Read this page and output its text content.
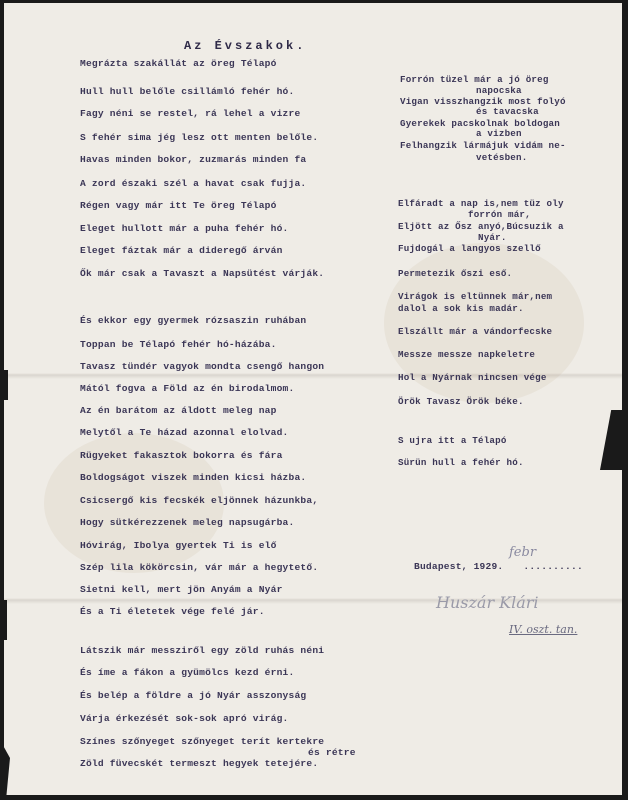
Az Évszakok.
Megrázta szakállát az öreg Télapó
Hull hull belőle csillámló fehér hó.
Fagy néni se restel, rá lehel a vizre
S fehér sima jég lesz ott menten belőle.
Havas minden bokor, zuzmarás minden fa
A zord északi szél a havat csak fujja.
Régen vagy már itt Te öreg Télapó
Eleget hullott már a puha fehér hó.
Eleget fáztak már a dideregő árván
Ők már csak a Tavaszt a Napsütést várják.
És ekkor egy gyermek rózsaszin ruhában
Toppan be Télapó fehér hó-házába.
Tavasz tündér vagyok mondta csengő hangon
Mától fogva a Föld az én birodalmom.
Az én barátom az áldott meleg nap
Melytől a Te házad azonnal elolvad.
Rügyeket fakasztok bokorra és fára
Boldogságot viszek minden kicsi házba.
Csicsergő kis fecskék eljönnek házunkba,
Hogy sütkérezzenek meleg napsugárba.
Hóvirág, Ibolya gyertek Ti is elő
Szép lila kökörcsin, vár már a hegytető.
Sietni kell, mert jön Anyám a Nyár
És a Ti életetek vége felé jár.
Látszik már messziről egy zöld ruhás néni
És íme a fákon a gyümölcs kezd érni.
És belép a földre a jó Nyár asszonyság
Várja érkezését sok-sok apró virág.
Színes szőnyeget szőnyeget terít kertekre
és rétre
Zöld füvecskét termeszt hegyek tetejére.
Forrón tüzel már a jó öreg
napocska
Vigan visszhangzik most folyó
és tavacska
Gyerekek pacskolnak boldogan
a vizben
Felhangzik lármájuk vidám ne-
vetésben.
Elfáradt a nap is,nem tüz oly
forrón már,
Eljött az Ősz anyó,Búcsuzik a
Nyár.
Fujdogál a langyos szellő
Permetezik őszi eső.
Virágok is eltünnek már,nem
dalol a sok kis madár.
Elszállt már a vándorfecske
Messze messze napkeletre
Hol a Nyárnak nincsen vége
Örök Tavasz Örök béke.
S ujra itt a Télapó
Sürün hull a fehér hó.
Budapest, 1929. ..........
febr
Huszár Klári
IV. oszt. tan.
